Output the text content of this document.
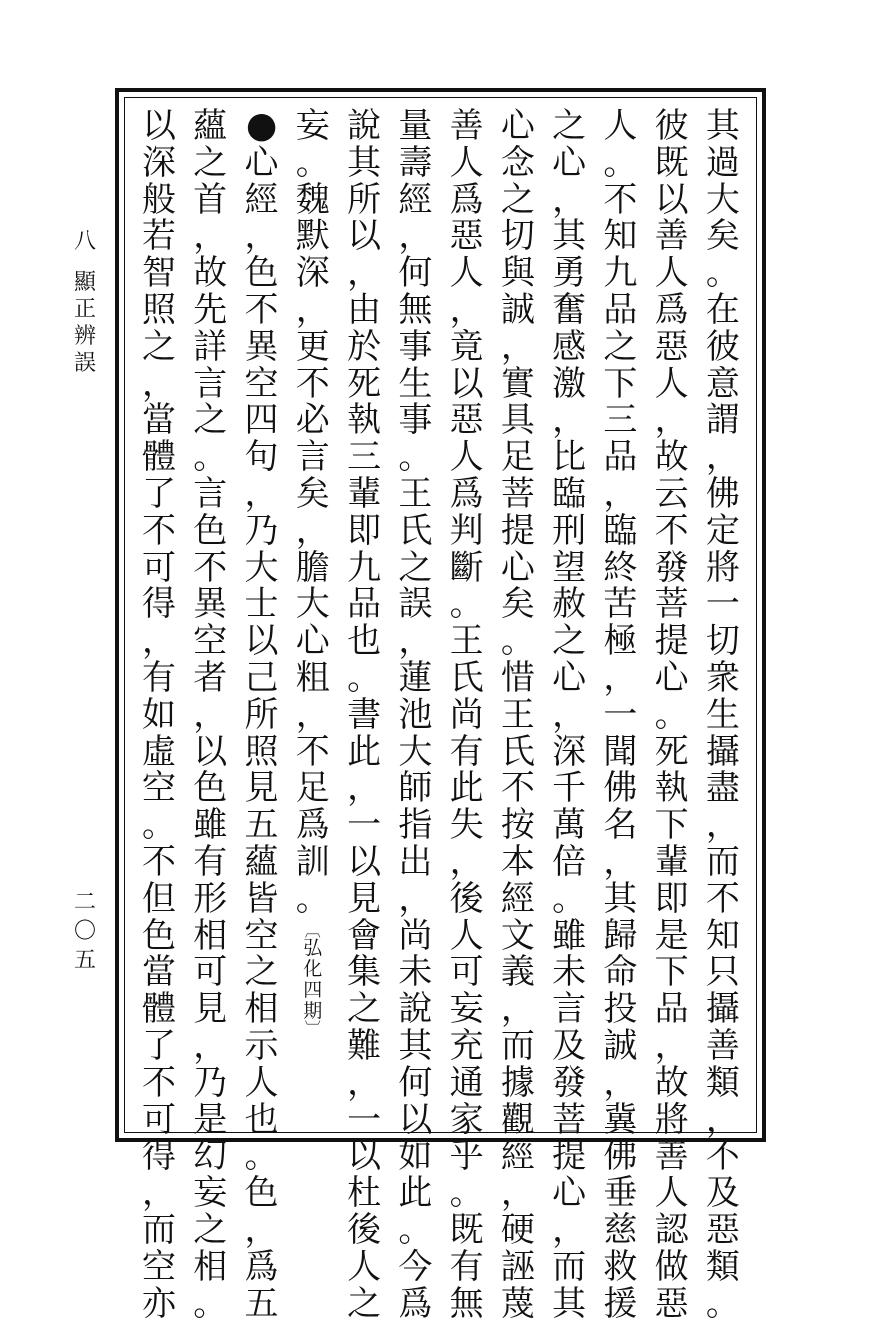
八
顯
正
辨
誤
二
〇
五
其
過
大
矣
。
在
彼
意
謂
，
佛
定
將
一
切
衆
生
攝
盡
，
而
不
知
只
攝
善
類
，
不
及
惡
類
。
彼
既
以
善
人
爲
惡
人
，
故
云
不
發
菩
提
心
。
死
執
下
輩
即
是
下
品
，
故
將
善
人
認
做
惡
人
。
不
知
九
品
之
下
三
品
，
臨
終
苦
極
，
一
聞
佛
名
，
其
歸
命
投
誠
，
冀
佛
垂
慈
救
援
之
心
，
其
勇
奮
感
激
，
比
臨
刑
望
赦
之
心
，
深
千
萬
倍
。
雖
未
言
及
發
菩
提
心
，
而
其
心
念
之
切
與
誠
，
實
具
足
菩
提
心
矣
。
惜
王
氏
不
按
本
經
文
義
，
而
據
觀
經
，
硬
誣
蔑
善
人
爲
惡
人
，
竟
以
惡
人
爲
判
斷
。
王
氏
尚
有
此
失
，
後
人
可
妄
充
通
家
乎
。
既
有
無
量
壽
經
，
何
無
事
生
事
。
王
氏
之
誤
，
蓮
池
大
師
指
出
，
尚
未
說
其
何
以
如
此
。
今
爲
說
其
所
以
，
由
於
死
執
三
輩
即
九
品
也
。
書
此
，
一
以
見
會
集
之
難
，
一
以
杜
後
人
之
妄
。
魏
默
深
，
更
不
必
言
矣
，
膽
大
心
粗
，
不
足
爲
訓
。
︹
弘
化
四
期
︺
●
心
經
，
色
不
異
空
四
句
，
乃
大
士
以
己
所
照
見
五
蘊
皆
空
之
相
示
人
也
。
色
，
爲
五
蘊
之
首
，
故
先
詳
言
之
。
言
色
不
異
空
者
，
以
色
雖
有
形
相
可
見
，
乃
是
幻
妄
之
相
。
以
深
般
若
智
照
之
，
當
體
了
不
可
得
，
有
如
虛
空
。
不
但
色
當
體
了
不
可
得
，
而
空
亦
